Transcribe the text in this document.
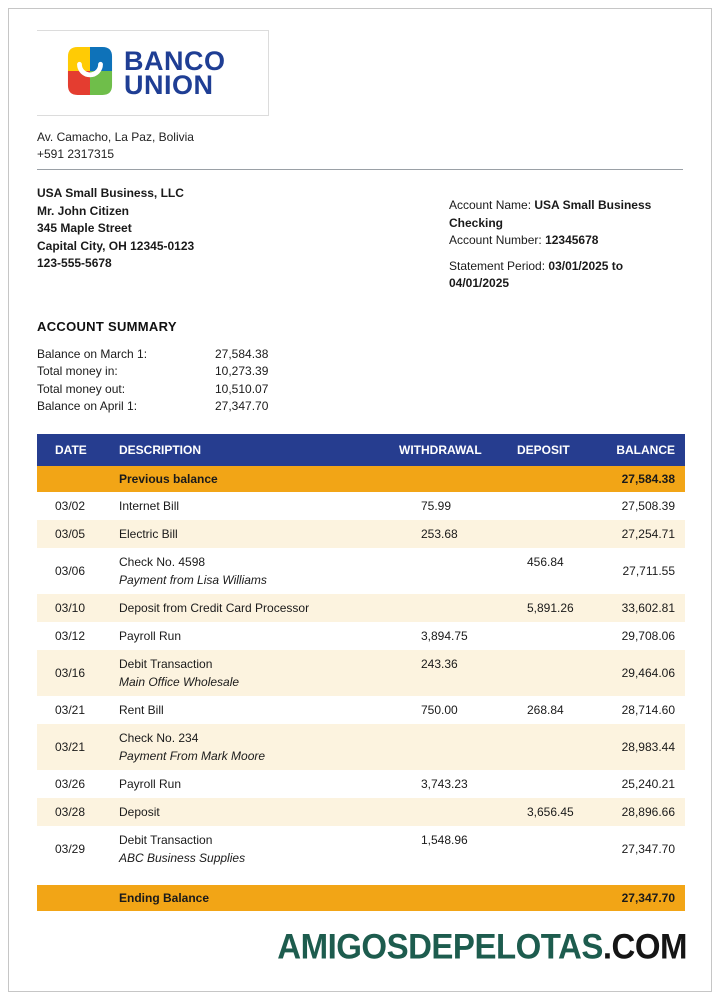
BANCO
UNION
Av. Camacho, La Paz, Bolivia
+591 2317315
USA Small Business, LLC
Mr. John Citizen
345 Maple Street
Capital City, OH 12345-0123
123-555-5678
Account Name: USA Small Business Checking
Account Number: 12345678
Statement Period: 03/01/2025 to 04/01/2025
ACCOUNT SUMMARY
Balance on March 1:	27,584.38
Total money in:	10,273.39
Total money out:	10,510.07
Balance on April 1:	27,347.70
DATE	DESCRIPTION	WITHDRAWAL	DEPOSIT	BALANCE
	Previous balance			27,584.38
03/02	Internet Bill	75.99		27,508.39
03/05	Electric Bill	253.68		27,254.71
03/06	Check No. 4598
Payment from Lisa Williams		456.84	27,711.55
03/10	Deposit from Credit Card Processor		5,891.26	33,602.81
03/12	Payroll Run	3,894.75		29,708.06
03/16	Debit Transaction
Main Office Wholesale	243.36		29,464.06
03/21	Rent Bill	750.00	268.84	28,714.60
03/21	Check No. 234
Payment From Mark Moore			28,983.44
03/26	Payroll Run	3,743.23		25,240.21
03/28	Deposit		3,656.45	28,896.66
03/29	Debit Transaction
ABC Business Supplies	1,548.96		27,347.70

	Ending Balance			27,347.70
AMIGOSDEPELOTAS.COM
